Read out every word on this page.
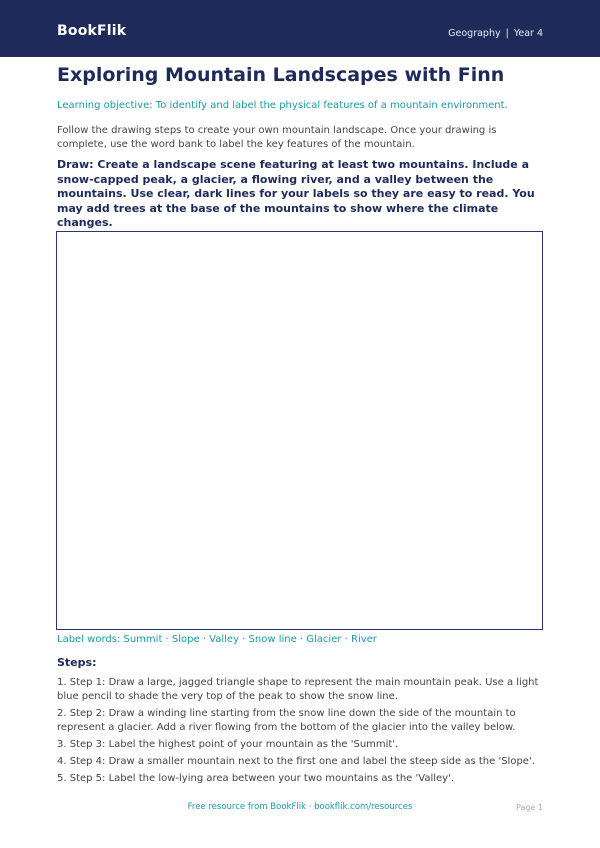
BookFlik	Geography | Year 4
Exploring Mountain Landscapes with Finn
Learning objective: To identify and label the physical features of a mountain environment.

Follow the drawing steps to create your own mountain landscape. Once your drawing is complete, use the word bank to label the key features of the mountain.

Draw: Create a landscape scene featuring at least two mountains. Include a snow-capped peak, a glacier, a flowing river, and a valley between the mountains. Use clear, dark lines for your labels so they are easy to read. You may add trees at the base of the mountains to show where the climate changes.

Label words: Summit · Slope · Valley · Snow line · Glacier · River
Steps:
1. Step 1: Draw a large, jagged triangle shape to represent the main mountain peak. Use a light blue pencil to shade the very top of the peak to show the snow line.
2. Step 2: Draw a winding line starting from the snow line down the side of the mountain to represent a glacier. Add a river flowing from the bottom of the glacier into the valley below.
3. Step 3: Label the highest point of your mountain as the 'Summit'.
4. Step 4: Draw a smaller mountain next to the first one and label the steep side as the 'Slope'.
5. Step 5: Label the low-lying area between your two mountains as the 'Valley'.
Free resource from BookFlik · bookflik.com/resources	Page 1
